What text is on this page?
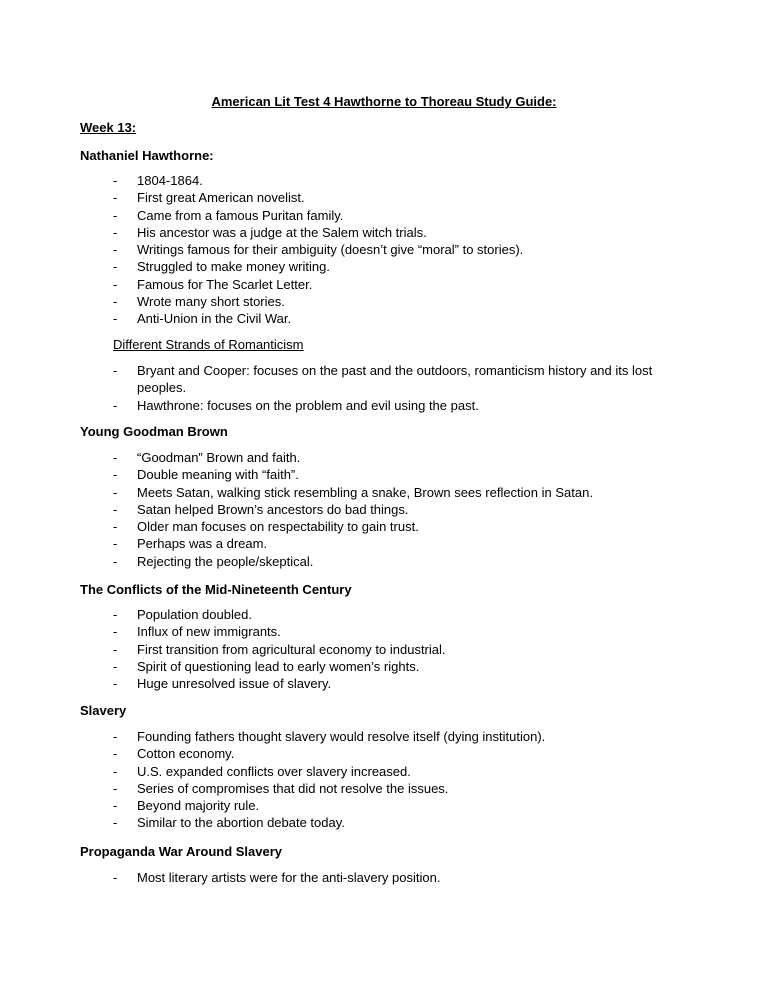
American Lit Test 4 Hawthorne to Thoreau Study Guide:
Week 13:
Nathaniel Hawthorne:
- 1804-1864.
- First great American novelist.
- Came from a famous Puritan family.
- His ancestor was a judge at the Salem witch trials.
- Writings famous for their ambiguity (doesn’t give “moral” to stories).
- Struggled to make money writing.
- Famous for The Scarlet Letter.
- Wrote many short stories.
- Anti-Union in the Civil War.
Different Strands of Romanticism
- Bryant and Cooper: focuses on the past and the outdoors, romanticism history and its lost peoples.
- Hawthrone: focuses on the problem and evil using the past.
Young Goodman Brown
- “Goodman” Brown and faith.
- Double meaning with “faith”.
- Meets Satan, walking stick resembling a snake, Brown sees reflection in Satan.
- Satan helped Brown’s ancestors do bad things.
- Older man focuses on respectability to gain trust.
- Perhaps was a dream.
- Rejecting the people/skeptical.
The Conflicts of the Mid-Nineteenth Century
- Population doubled.
- Influx of new immigrants.
- First transition from agricultural economy to industrial.
- Spirit of questioning lead to early women’s rights.
- Huge unresolved issue of slavery.
Slavery
- Founding fathers thought slavery would resolve itself (dying institution).
- Cotton economy.
- U.S. expanded conflicts over slavery increased.
- Series of compromises that did not resolve the issues.
- Beyond majority rule.
- Similar to the abortion debate today.
Propaganda War Around Slavery
- Most literary artists were for the anti-slavery position.
